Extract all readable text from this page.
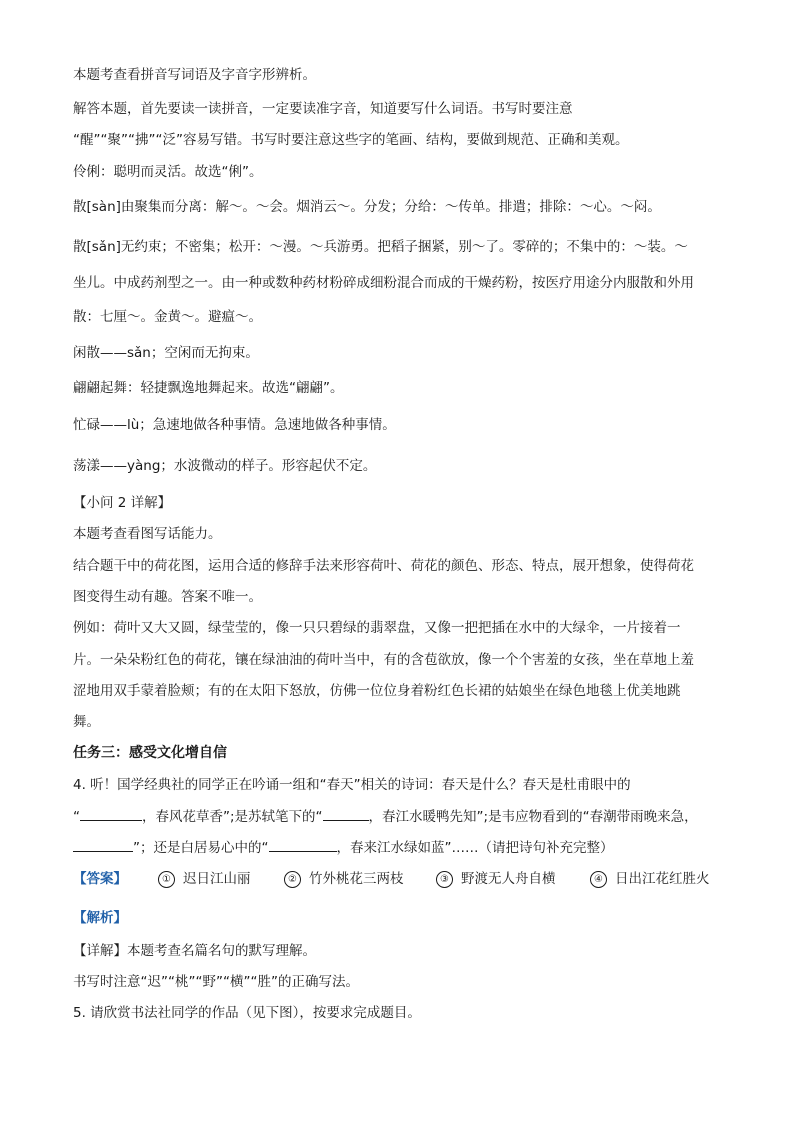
本题考查看拼音写词语及字音字形辨析。
解答本题，首先要读一读拼音，一定要读准字音，知道要写什么词语。书写时要注意
“醒”“聚”“拂”“泛”容易写错。书写时要注意这些字的笔画、结构，要做到规范、正确和美观。
伶俐：聪明而灵活。故选“俐”。
散[sàn]由聚集而分离：解～。～会。烟消云～。分发；分给：～传单。排遣；排除：～心。～闷。
散[sǎn]无约束；不密集；松开：～漫。～兵游勇。把稻子捆紧，别～了。零碎的；不集中的：～装。～
坐儿。中成药剂型之一。由一种或数种药材粉碎成细粉混合而成的干燥药粉，按医疗用途分内服散和外用
散：七厘～。金黄～。避瘟～。
闲散——sǎn；空闲而无拘束。
翩翩起舞：轻捷飘逸地舞起来。故选“翩翩”。
忙碌——lù；急速地做各种事情。急速地做各种事情。
荡漾——yàng；水波微动的样子。形容起伏不定。
【小问 2 详解】
本题考查看图写话能力。
结合题干中的荷花图，运用合适的修辞手法来形容荷叶、荷花的颜色、形态、特点，展开想象，使得荷花
图变得生动有趣。答案不唯一。
例如：荷叶又大又圆，绿莹莹的，像一只只碧绿的翡翠盘，又像一把把插在水中的大绿伞，一片接着一
片。一朵朵粉红色的荷花，镶在绿油油的荷叶当中，有的含苞欲放，像一个个害羞的女孩，坐在草地上羞
涩地用双手蒙着脸颊；有的在太阳下怒放，仿佛一位位身着粉红色长裙的姑娘坐在绿色地毯上优美地跳
舞。
任务三：感受文化增自信
4. 听！国学经典社的同学正在吟诵一组和“春天”相关的诗词：春天是什么？春天是杜甫眼中的
“	，春风花草香”;是苏轼笔下的“	，春江水暖鸭先知”;是韦应物看到的“春潮带雨晚来急，
”；还是白居易心中的“	，春来江水绿如蓝”……（请把诗句补充完整）
【答案】	① 迟日江山丽	② 竹外桃花三两枝	③ 野渡无人舟自横	④ 日出江花红胜火
【解析】
【详解】本题考查名篇名句的默写理解。
书写时注意“迟”“桃”“野”“横”“胜”的正确写法。
5. 请欣赏书法社同学的作品（见下图），按要求完成题目。
